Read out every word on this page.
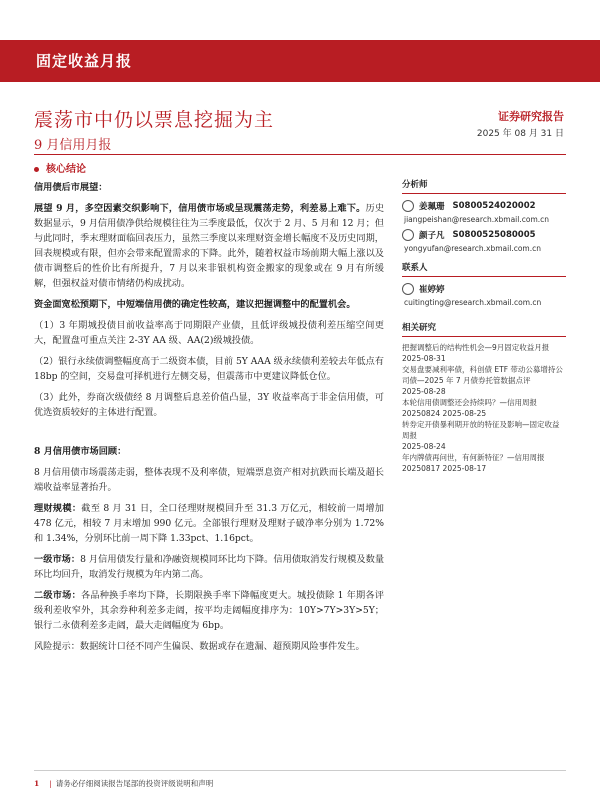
固定收益月报
震荡市中仍以票息挖掘为主
9 月信用月报
证券研究报告
2025 年 08 月 31 日
核心结论
信用债后市展望：

展望 9 月，多空因素交织影响下，信用债市场或呈现震荡走势，利差易上难下。历史数据显示，9 月信用债净供给规模往往为三季度最低，仅次于 2 月、5 月和 12 月；但与此同时，季末理财面临回表压力，虽然三季度以来理财资金增长幅度不及历史同期，回表规模或有限，但亦会带来配置需求的下降。此外，随着权益市场前期大幅上涨以及债市调整后的性价比有所提升，7 月以来非银机构资金搬家的现象或在 9 月有所缓解，但强权益对债市情绪仍构成扰动。

资金面宽松预期下，中短端信用债的确定性较高，建议把握调整中的配置机会。

（1）3 年期城投债目前收益率高于同期限产业债，且低评级城投债利差压缩空间更大，配置盘可重点关注 2-3Y AA 级、AA(2)级城投债。

（2）银行永续债调整幅度高于二级资本债，目前 5Y AAA 级永续债利差较去年低点有 18bp 的空间，交易盘可择机进行左侧交易，但震荡市中更建议降低仓位。

（3）此外，券商次级债经 8 月调整后息差价值凸显，3Y 收益率高于非金信用债，可优选资质较好的主体进行配置。

8 月信用债市场回顾：

8 月信用债市场震荡走弱，整体表现不及利率债，短端票息资产相对抗跌而长端及超长端收益率显著抬升。

理财规模：截至 8 月 31 日，全口径理财规模回升至 31.3 万亿元，相较前一周增加 478 亿元，相较 7 月末增加 990 亿元。全部银行理财及理财子破净率分别为 1.72%和 1.34%，分别环比前一周下降 1.33pct、1.16pct。

一级市场：8 月信用债发行量和净融资规模同环比均下降。信用债取消发行规模及数量环比均回升，取消发行规模为年内第二高。

二级市场：各品种换手率均下降，长期限换手率下降幅度更大。城投债除 1 年期各评级利差收窄外，其余券种利差多走阔，按平均走阔幅度排序为：10Y>7Y>3Y>5Y；银行二永债利差多走阔，最大走阔幅度为 6bp。

风险提示：数据统计口径不同产生偏误、数据或存在遗漏、超预期风险事件发生。

分析师
姜珮珊 S0800524020002
jiangpeishan@research.xbmail.com.cn
颜子凡 S0800525080005
yongyufan@research.xbmail.com.cn
联系人
崔婷婷
cuitingting@research.xbmail.com.cn
相关研究
把握调整后的结构性机会—9月固定收益月报
2025-08-31
交易盘要减利率债，科创债 ETF 带动公募增持公司债—2025 年 7 月债券托管数据点评
2025-08-28
本轮信用债调整还会持续吗？—信用周报
20250824 2025-08-25
转券定开债暴利期开放的特征及影响—固定收益周报
2025-08-24
年内牌债再问世，有何新特征？—信用周报
20250817 2025-08-17
1 | 请务必仔细阅读报告尾部的投资评级说明和声明
